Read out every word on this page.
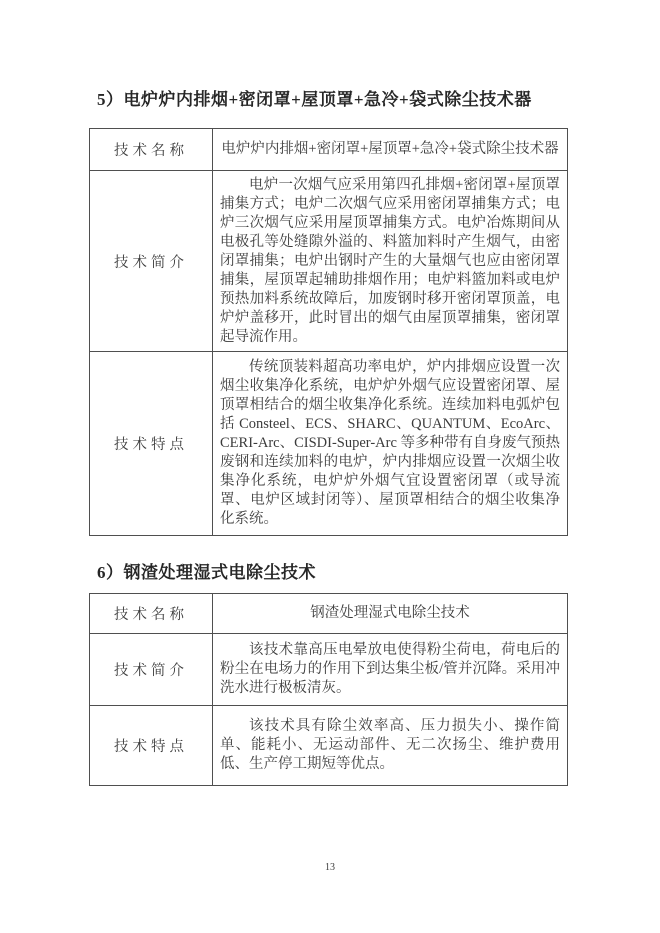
5）电炉炉内排烟+密闭罩+屋顶罩+急冷+袋式除尘技术器
技术名称	电炉炉内排烟+密闭罩+屋顶罩+急冷+袋式除尘技术器
技术简介	电炉一次烟气应采用第四孔排烟+密闭罩+屋顶罩捕集方式；电炉二次烟气应采用密闭罩捕集方式；电炉三次烟气应采用屋顶罩捕集方式。电炉冶炼期间从电极孔等处缝隙外溢的、料篮加料时产生烟气，由密闭罩捕集；电炉出钢时产生的大量烟气也应由密闭罩捕集，屋顶罩起辅助排烟作用；电炉料篮加料或电炉预热加料系统故障后，加废钢时移开密闭罩顶盖，电炉炉盖移开，此时冒出的烟气由屋顶罩捕集，密闭罩起导流作用。
技术特点	传统顶装料超高功率电炉，炉内排烟应设置一次烟尘收集净化系统，电炉炉外烟气应设置密闭罩、屋顶罩相结合的烟尘收集净化系统。连续加料电弧炉包括 Consteel、ECS、SHARC、QUANTUM、EcoArc、CERI-Arc、CISDI-Super-Arc 等多种带有自身废气预热废钢和连续加料的电炉，炉内排烟应设置一次烟尘收集净化系统，电炉炉外烟气宜设置密闭罩（或导流罩、电炉区域封闭等）、屋顶罩相结合的烟尘收集净化系统。
6）钢渣处理湿式电除尘技术
技术名称	钢渣处理湿式电除尘技术
技术简介	该技术靠高压电晕放电使得粉尘荷电，荷电后的粉尘在电场力的作用下到达集尘板/管并沉降。采用冲洗水进行极板清灰。
技术特点	该技术具有除尘效率高、压力损失小、操作简单、能耗小、无运动部件、无二次扬尘、维护费用低、生产停工期短等优点。
13
